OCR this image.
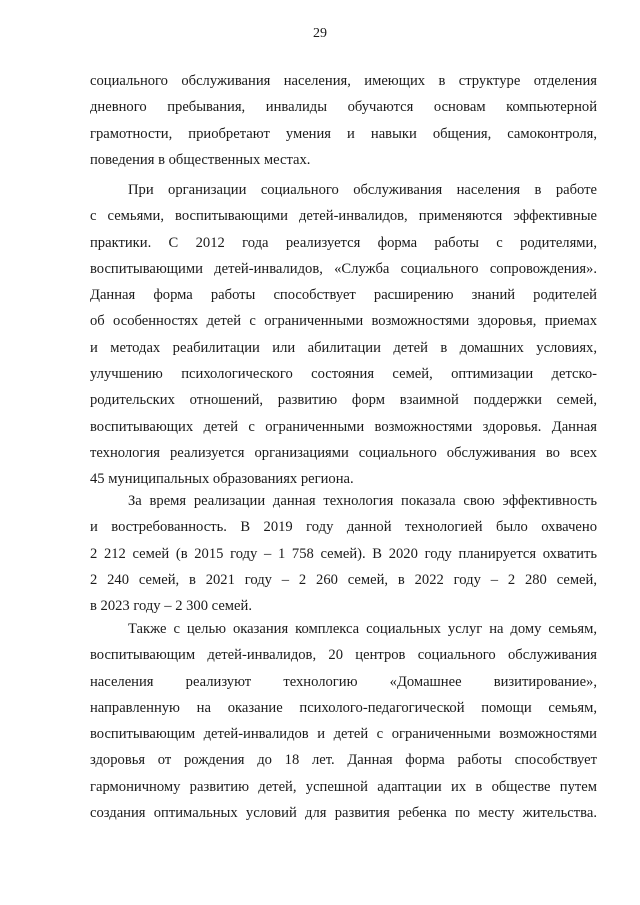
29
социального обслуживания населения, имеющих в структуре отделения
дневного пребывания, инвалиды обучаются основам компьютерной
грамотности, приобретают умения и навыки общения, самоконтроля,
поведения в общественных местах.
При организации социального обслуживания населения в работе
с семьями, воспитывающими детей-инвалидов, применяются эффективные
практики. С 2012 года реализуется форма работы с родителями,
воспитывающими детей-инвалидов, «Служба социального сопровождения».
Данная форма работы способствует расширению знаний родителей
об особенностях детей с ограниченными возможностями здоровья, приемах
и методах реабилитации или абилитации детей в домашних условиях,
улучшению психологического состояния семей, оптимизации детско-
родительских отношений, развитию форм взаимной поддержки семей,
воспитывающих детей с ограниченными возможностями здоровья. Данная
технология реализуется организациями социального обслуживания во всех
45 муниципальных образованиях региона.
За время реализации данная технология показала свою эффективность
и востребованность. В 2019 году данной технологией было охвачено
2 212 семей (в 2015 году – 1 758 семей). В 2020 году планируется охватить
2 240 семей, в 2021 году – 2 260 семей, в 2022 году – 2 280 семей,
в 2023 году – 2 300 семей.
Также с целью оказания комплекса социальных услуг на дому семьям,
воспитывающим детей-инвалидов, 20 центров социального обслуживания
населения реализуют технологию «Домашнее визитирование»,
направленную на оказание психолого-педагогической помощи семьям,
воспитывающим детей-инвалидов и детей с ограниченными возможностями
здоровья от рождения до 18 лет. Данная форма работы способствует
гармоничному развитию детей, успешной адаптации их в обществе путем
создания оптимальных условий для развития ребенка по месту жительства.
